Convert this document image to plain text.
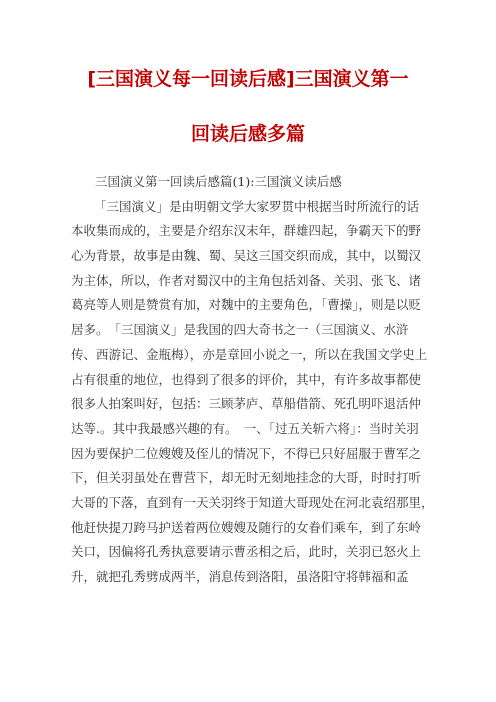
[三国演义每一回读后感]三国演义第一
回读后感多篇
三国演义第一回读后感篇(1):三国演义读后感
「三国演义」是由明朝文学大家罗贯中根据当时所流行的话
本收集而成的，主要是介绍东汉末年，群雄四起，争霸天下的野
心为背景，故事是由魏、蜀、吴这三国交织而成，其中，以蜀汉
为主体，所以，作者对蜀汉中的主角包括刘备、关羽、张飞、诸
葛亮等人则是赞赏有加，对魏中的主要角色，「曹操」，则是以贬
居多。　「三国演义」是我国的四大奇书之一（三国演义、水浒
传、西游记、金瓶梅），亦是章回小说之一，所以在我国文学史上
占有很重的地位，也得到了很多的评价，其中，有许多故事都使
很多人拍案叫好，包括：三顾茅庐、草船借箭、死孔明吓退活仲
达等.。其中我最感兴趣的有。　一、「过五关斩六将」：当时关羽
因为要保护二位嫂嫂及侄儿的情况下，不得已只好屈服于曹军之
下，但关羽虽处在曹营下，却无时无刻地挂念的大哥，时时打听
大哥的下落，直到有一天关羽终于知道大哥现处在河北袁绍那里，
他赶快提刀跨马护送着两位嫂嫂及随行的女眷们乘车，到了东岭
关口，因偏将孔秀执意要请示曹丞相之后，此时，关羽已怒火上
升，就把孔秀劈成两半，消息传到洛阳，虽洛阳守将韩福和孟
